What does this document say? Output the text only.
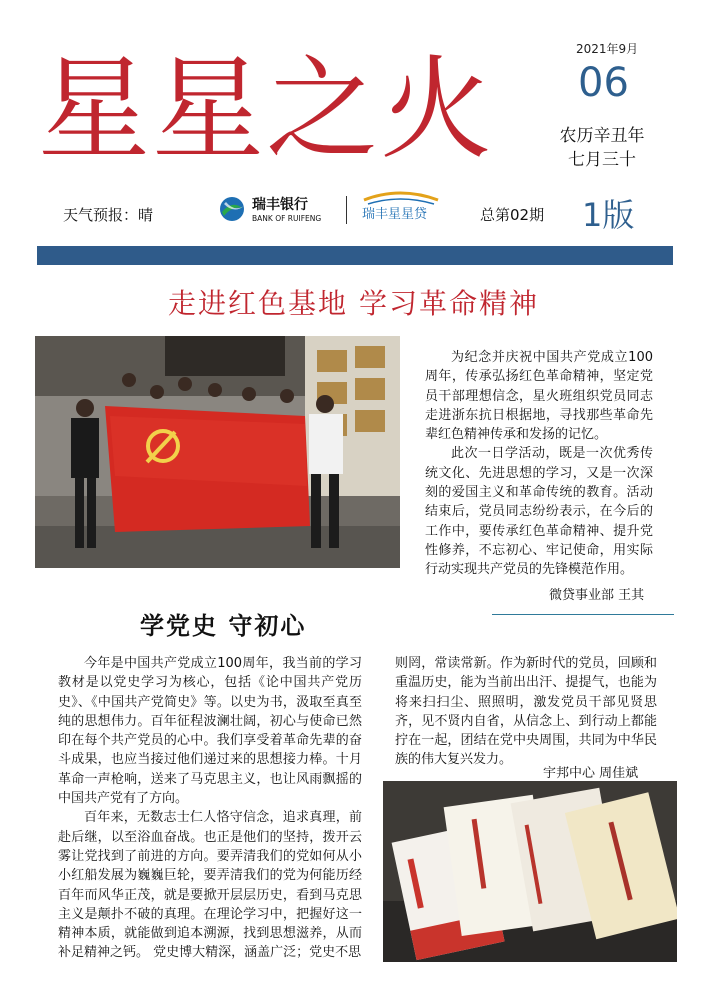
星星之火	2021年9月
06
农历辛丑年
七月三十
天气预报：晴
瑞丰银行
BANK OF RUIFENG	瑞丰星星贷	总第02期 1版
走进红色基地 学习革命精神

为纪念并庆祝中国共产党成立100周年，传承弘扬红色革命精神，坚定党员干部理想信念，星火班组织党员同志走进浙东抗日根据地，寻找那些革命先辈红色精神传承和发扬的记忆。

此次一日学活动，既是一次优秀传统文化、先进思想的学习，又是一次深刻的爱国主义和革命传统的教育。活动结束后，党员同志纷纷表示，在今后的工作中，要传承红色革命精神、提升党性修养，不忘初心、牢记使命，用实际行动实现共产党员的先锋模范作用。

微贷事业部 王其
学党史 守初心

今年是中国共产党成立100周年，我当前的学习教材是以党史学习为核心，包括《论中国共产党历史》、《中国共产党简史》等。以史为书，汲取至真至纯的思想伟力。百年征程波澜壮阔，初心与使命已然印在每个共产党员的心中。我们享受着革命先辈的奋斗成果，也应当接过他们递过来的思想接力棒。十月革命一声枪响，送来了马克思主义，也让风雨飘摇的中国共产党有了方向。

百年来，无数志士仁人恪守信念，追求真理，前赴后继，以至浴血奋战。也正是他们的坚持，拨开云雾让党找到了前进的方向。要弄清我们的党如何从小小红船发展为巍巍巨轮，要弄清我们的党为何能历经百年而风华正茂，就是要掀开层层历史，看到马克思主义是颠扑不破的真理。在理论学习中，把握好这一精神本质，就能做到追本溯源，找到思想滋养，从而补足精神之钙。 党史博大精深，涵盖广泛；党史不思

则罔，常读常新。作为新时代的党员，回顾和重温历史，能为当前出出汗、提提气，也能为将来扫扫尘、照照明，激发党员干部见贤思齐，见不贤内自省，从信念上、到行动上都能拧在一起，团结在党中央周围，共同为中华民族的伟大复兴发力。

宇邦中心 周佳斌
